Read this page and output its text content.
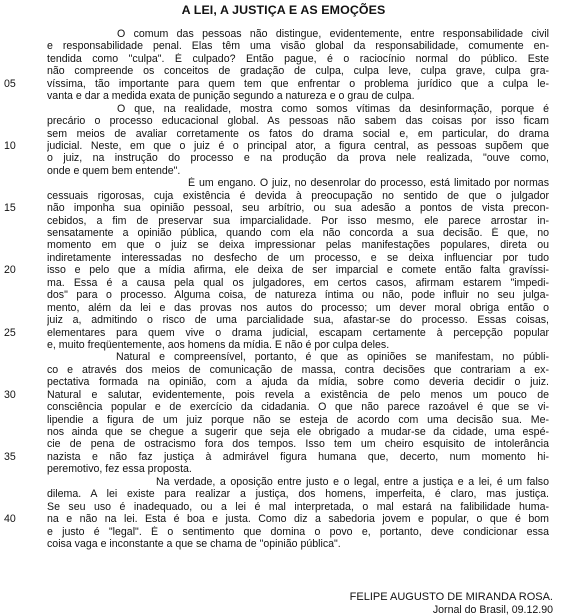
A LEI, A JUSTIÇA E AS EMOÇÕES
O comum das pessoas não distingue, evidentemente, entre responsabilidade civil
e responsabilidade penal. Elas têm uma visão global da responsabilidade, comumente en-
tendida como "culpa". É culpado? Então pague, é o raciocínio normal do público. Este
não compreende os conceitos de gradação de culpa, culpa leve, culpa grave, culpa gra-
05	víssima, tão importante para quem tem que enfrentar o problema jurídico que a culpa le-
vanta e dar a medida exata de punição segundo a natureza e o grau de culpa.
O que, na realidade, mostra como somos vítimas da desinformação, porque é
precário o processo educacional global. As pessoas não sabem das coisas por isso ficam
sem meios de avaliar corretamente os fatos do drama social e, em particular, do drama
10	judicial. Neste, em que o juiz é o principal ator, a figura central, as pessoas supõem que
o juiz, na instrução do processo e na produção da prova nele realizada, "ouve como,
onde e quem bem entende".
É um engano. O juiz, no desenrolar do processo, está limitado por normas
cessuais rigorosas, cuja existência é devida à preocupação no sentido de que o julgador
15	não imponha sua opinião pessoal, seu arbítrio, ou sua adesão a pontos de vista precon-
cebidos, a fim de preservar sua imparcialidade. Por isso mesmo, ele parece arrostar in-
sensatamente a opinião pública, quando com ela não concorda a sua decisão. É que, no
momento em que o juiz se deixa impressionar pelas manifestações populares, direta ou
indiretamente interessadas no desfecho de um processo, e se deixa influenciar por tudo
20	isso e pelo que a mídia afirma, ele deixa de ser imparcial e comete então falta gravíssi-
ma. Essa é a causa pela qual os julgadores, em certos casos, afirmam estarem "impedi-
dos" para o processo. Alguma coisa, de natureza íntima ou não, pode influir no seu julga-
mento, além da lei e das provas nos autos do processo; um dever moral obriga então o
juiz a, admitindo o risco de uma parcialidade sua, afastar-se do processo. Essas coisas,
25	elementares para quem vive o drama judicial, escapam certamente à percepção popular
e, muito freqüentemente, aos homens da mídia. E não é por culpa deles.
Natural e compreensível, portanto, é que as opiniões se manifestam, no públi-
co e através dos meios de comunicação de massa, contra decisões que contrariam a ex-
pectativa formada na opinião, com a ajuda da mídia, sobre como deveria decidir o juiz.
30	Natural e salutar, evidentemente, pois revela a existência de pelo menos um pouco de
consciência popular e de exercício da cidadania. O que não parece razoável é que se vi-
lipendie a figura de um juiz porque não se esteja de acordo com uma decisão sua. Me-
nos ainda que se chegue a sugerir que seja ele obrigado a mudar-se da cidade, uma espé-
cie de pena de ostracismo fora dos tempos. Isso tem um cheiro esquisito de intolerância
35	nazista e não faz justiça à admirável figura humana que, decerto, num momento hi-
peremotivo, fez essa proposta.
Na verdade, a oposição entre justo e o legal, entre a justiça e a lei, é um falso
dilema. A lei existe para realizar a justiça, dos homens, imperfeita, é claro, mas justiça.
Se seu uso é inadequado, ou a lei é mal interpretada, o mal estará na falibilidade huma-
40	na e não na lei. Esta é boa e justa. Como diz a sabedoria jovem e popular, o que é bom
e justo é "legal". É o sentimento que domina o povo e, portanto, deve condicionar essa
coisa vaga e inconstante a que se chama de "opinião pública".
FELIPE AUGUSTO DE MIRANDA ROSA.
Jornal do Brasil, 09.12.90
